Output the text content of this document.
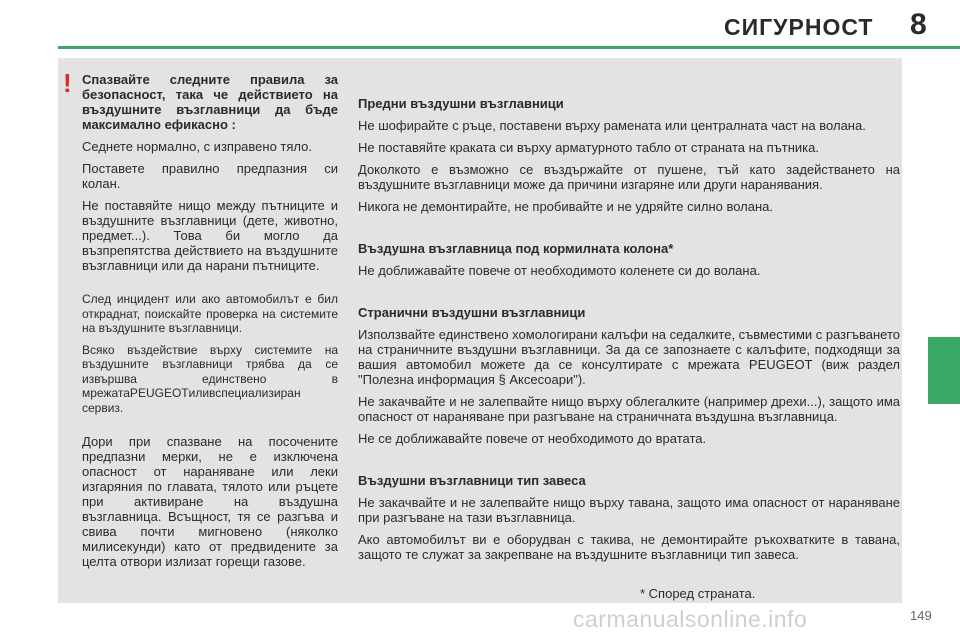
СИГУРНОСТ 8
! Спазвайте следните правила за безопасност, така че действието на въздушните възглавници да бъде максимално ефикасно :

Седнете нормално, с изправено тяло.

Поставете правилно предпазния си колан.

Не поставяйте нищо между пътниците и въздушните възглавници (дете, животно, предмет...). Това би могло да възпрепятства действието на въздушните възглавници или да нарани пътниците.

След инцидент или ако автомобилът е бил откраднат, поискайте проверка на системите на въздушните възглавници.

Всяко въздействие върху системите на въздушните възглавници трябва да се извършва единствено в мрежатаPEUGEOTиливспециализиран сервиз.

Дори при спазване на посочените предпазни мерки, не е изключена опасност от нараняване или леки изгаряния по главата, тялото или ръцете при активиране на въздушна възглавница. Всъщност, тя се разгъва и свива почти мигновено (няколко милисекунди) като от предвидените за целта отвори излизат горещи газове.

Предни въздушни възглавници

Не шофирайте с ръце, поставени върху рамената или централната част на волана.

Не поставяйте краката си върху арматурното табло от страната на пътника.

Доколкото е възможно се въздържайте от пушене, тъй като задействането на въздушните възглавници може да причини изгаряне или други наранявания.

Никога не демонтирайте, не пробивайте и не удряйте силно волана.

Въздушна възглавница под кормилната колона*

Не доближавайте повече от необходимото коленете си до волана.

Странични въздушни възглавници

Използвайте единствено хомологирани калъфи на седалките, съвместими с разгъването на страничните въздушни възглавници. За да се запознаете с калъфите, подходящи за вашия автомобил можете да се консултирате с мрежата PEUGEOT (виж раздел "Полезна информация § Аксесоари").

Не закачвайте и не залепвайте нищо върху облегалките (например дрехи...), защото има опасност от нараняване при разгъване на страничната въздушна възглавница.

Не се доближавайте повече от необходимото до вратата.

Въздушни възглавници тип завеса

Не закачвайте и не залепвайте нищо върху тавана, защото има опасност от нараняване при разгъване на тази възглавница.

Ако автомобилът ви е оборудван с такива, не демонтирайте ръкохватките в тавана, защото те служат за закрепване на въздушните възглавници тип завеса.

* Според страната.
carmanualsonline.info	149
